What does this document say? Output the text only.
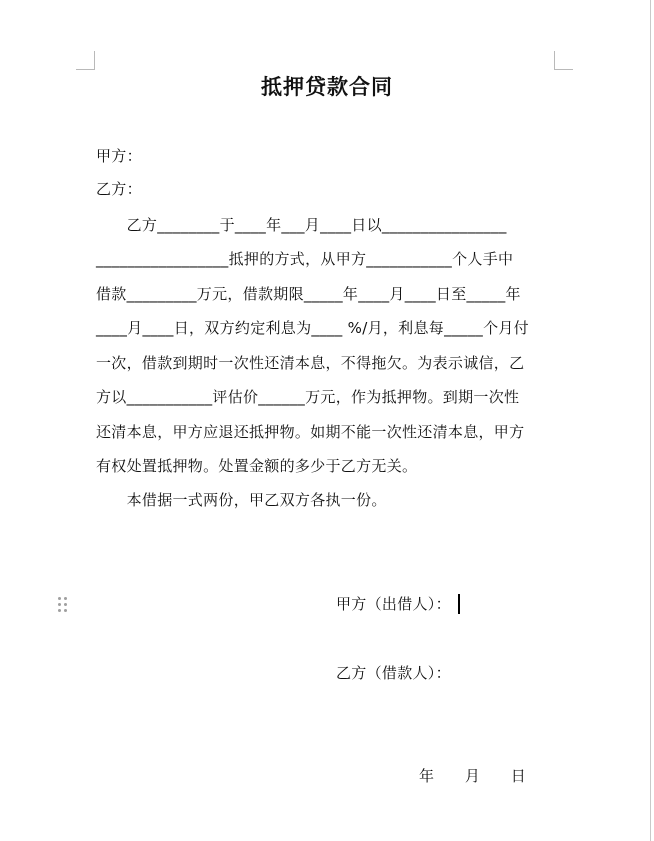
抵押贷款合同
甲方：
乙方：
　　乙方________于____年___月____日以________________
_________________抵押的方式，从甲方___________个人手中
借款_________万元，借款期限_____年____月____日至_____年
____月____日，双方约定利息为____ %/月，利息每_____个月付
一次，借款到期时一次性还清本息，不得拖欠。为表示诚信，乙
方以___________评估价______万元，作为抵押物。到期一次性
还清本息，甲方应退还抵押物。如期不能一次性还清本息，甲方
有权处置抵押物。处置金额的多少于乙方无关。
　　本借据一式两份，甲乙双方各执一份。
甲方（出借人）：
乙方（借款人）：
年　　月　　日
